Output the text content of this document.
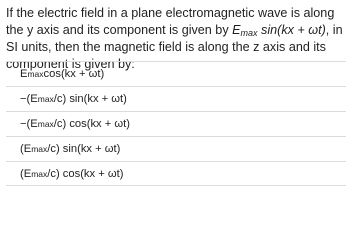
If the electric field in a plane electromagnetic wave is along the y axis and its component is given by $E_{max}$ sin(kx + ωt), in SI units, then the magnetic field is along the z axis and its component is given by:

E max cos(kx + ωt)
−(E max /c) sin(kx + ωt)
−(E max /c) cos(kx + ωt)
(E max /c) sin(kx + ωt)
(E max /c) cos(kx + ωt)
